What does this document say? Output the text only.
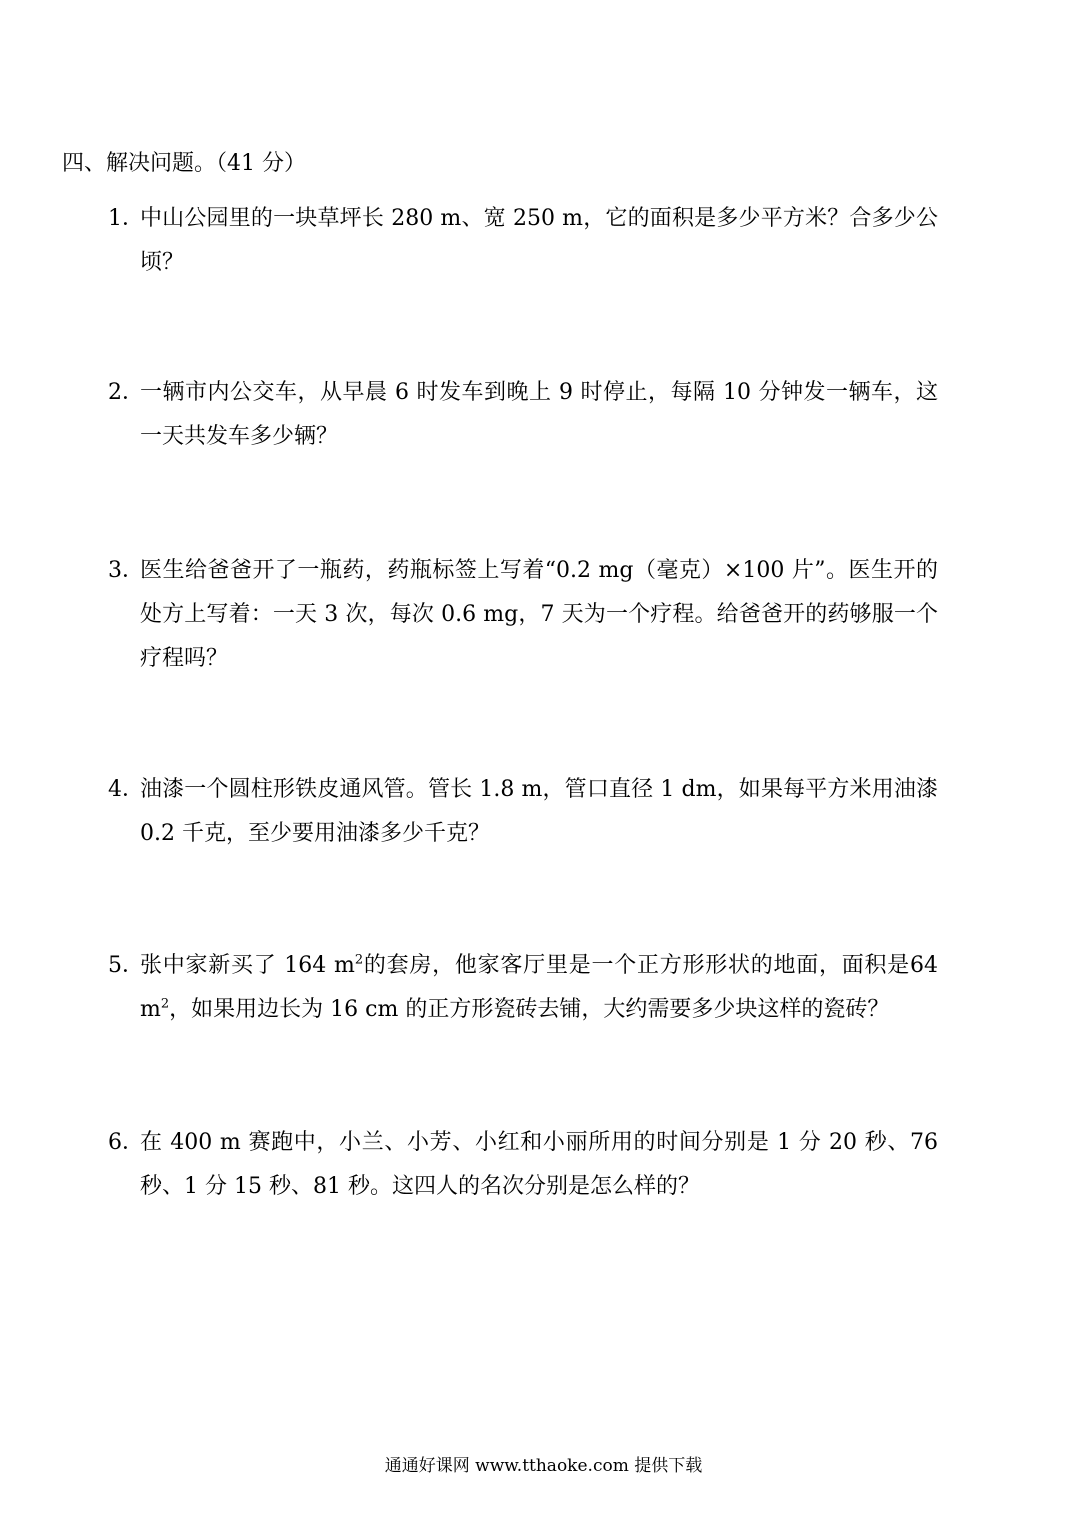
四、解决问题。（41 分）
1．
中山公园里的一块草坪长 280 m、宽 250 m，它的面积是多少平方米？合多少公顷？
2．
一辆市内公交车，从早晨 6 时发车到晚上 9 时停止，每隔 10 分钟发一辆车，这一天共发车多少辆？
3．
医生给爸爸开了一瓶药，药瓶标签上写着“0.2 mg（毫克）×100 片”。医生开的处方上写着：一天 3 次，每次 0.6 mg，7 天为一个疗程。给爸爸开的药够服一个疗程吗？
4．
油漆一个圆柱形铁皮通风管。管长 1.8 m，管口直径 1 dm，如果每平方米用油漆 0.2 千克，至少要用油漆多少千克？
5．
张中家新买了 164 $m^2$的套房，他家客厅里是一个正方形形状的地面，面积是64 $m^2$，如果用边长为 16 cm 的正方形瓷砖去铺，大约需要多少块这样的瓷砖？
6．
在 400 m 赛跑中，小兰、小芳、小红和小丽所用的时间分别是 1 分 20 秒、76 秒、1 分 15 秒、81 秒。这四人的名次分别是怎么样的？
通通好课网 www.tthaoke.com 提供下载
